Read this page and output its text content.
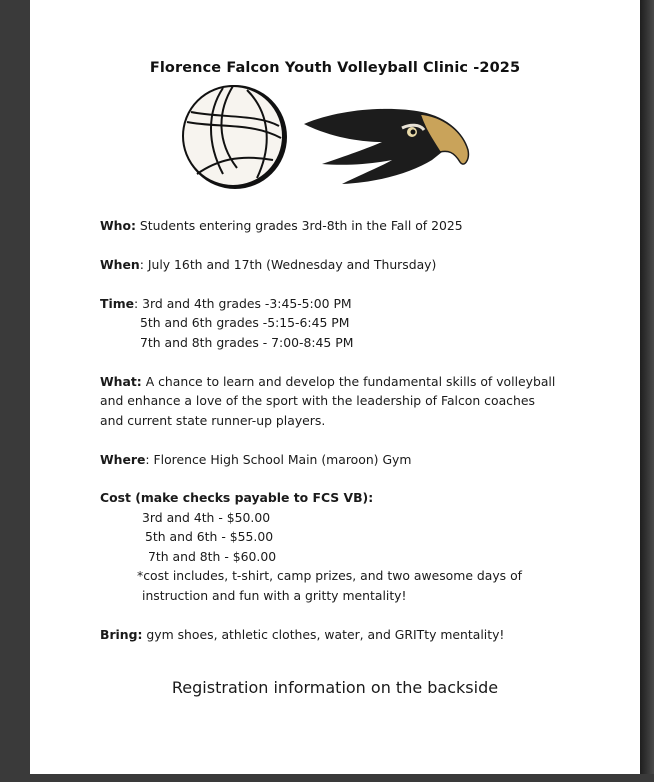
Florence Falcon Youth Volleyball Clinic -2025
Who: Students entering grades 3rd-8th in the Fall of 2025
When: July 16th and 17th (Wednesday and Thursday)
Time: 3rd and 4th grades -3:45-5:00 PM
5th and 6th grades -5:15-6:45 PM
7th and 8th grades - 7:00-8:45 PM
What: A chance to learn and develop the fundamental skills of volleyball
and enhance a love of the sport with the leadership of Falcon coaches
and current state runner-up players.
Where: Florence High School Main (maroon) Gym
Cost (make checks payable to FCS VB):
3rd and 4th - $50.00
5th and 6th - $55.00
7th and 8th - $60.00
*cost includes, t-shirt, camp prizes, and two awesome days of
instruction and fun with a gritty mentality!
Bring: gym shoes, athletic clothes, water, and GRITty mentality!
Registration information on the backside
